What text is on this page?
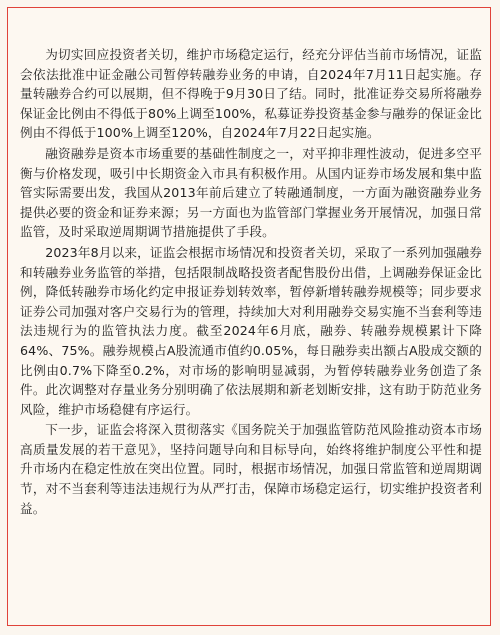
为切实回应投资者关切，维护市场稳定运行，经充分评估当前市场情况，证监会依法批准中证金融公司暂停转融券业务的申请，自2024年7月11日起实施。存量转融券合约可以展期，但不得晚于9月30日了结。同时，批准证券交易所将融券保证金比例由不得低于80%上调至100%，私募证券投资基金参与融券的保证金比例由不得低于100%上调至120%，自2024年7月22日起实施。

融资融券是资本市场重要的基础性制度之一，对平抑非理性波动，促进多空平衡与价格发现，吸引中长期资金入市具有积极作用。从国内证券市场发展和集中监管实际需要出发，我国从2013年前后建立了转融通制度，一方面为融资融券业务提供必要的资金和证券来源；另一方面也为监管部门掌握业务开展情况，加强日常监管，及时采取逆周期调节措施提供了手段。

2023年8月以来，证监会根据市场情况和投资者关切，采取了一系列加强融券和转融券业务监管的举措，包括限制战略投资者配售股份出借，上调融券保证金比例，降低转融券市场化约定申报证券划转效率，暂停新增转融券规模等；同步要求证券公司加强对客户交易行为的管理，持续加大对利用融券交易实施不当套利等违法违规行为的监管执法力度。截至2024年6月底，融券、转融券规模累计下降64%、75%。融券规模占A股流通市值约0.05%，每日融券卖出额占A股成交额的比例由0.7%下降至0.2%，对市场的影响明显减弱，为暂停转融券业务创造了条件。此次调整对存量业务分别明确了依法展期和新老划断安排，这有助于防范业务风险，维护市场稳健有序运行。

下一步，证监会将深入贯彻落实《国务院关于加强监管防范风险推动资本市场高质量发展的若干意见》，坚持问题导向和目标导向，始终将维护制度公平性和提升市场内在稳定性放在突出位置。同时，根据市场情况，加强日常监管和逆周期调节，对不当套利等违法违规行为从严打击，保障市场稳定运行，切实维护投资者利益。
